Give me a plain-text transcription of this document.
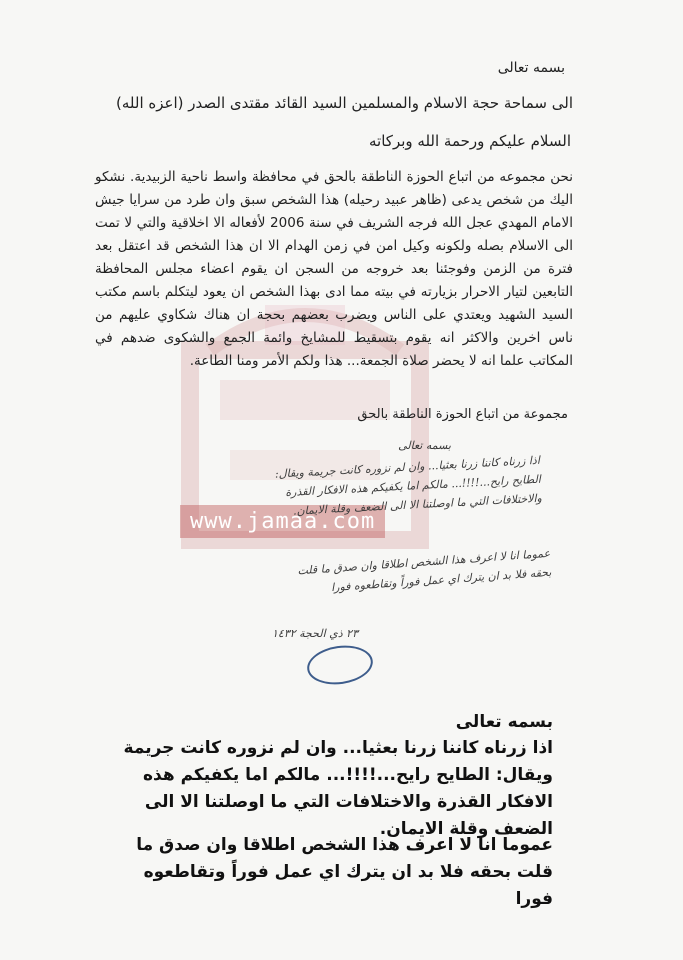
www.jamaa.com
بسمه تعالى
الى سماحة حجة الاسلام والمسلمين السيد القائد مقتدى الصدر (اعزه الله)
السلام عليكم ورحمة الله وبركاته
نحن مجموعه من اتباع الحوزة الناطقة بالحق في محافظة واسط ناحية الزبيدية. نشكو اليك من شخص يدعى (ظاهر عبيد رحيله) هذا الشخص سبق وان طرد من سرايا جيش الامام المهدي عجل الله فرجه الشريف في سنة 2006 لأفعاله الا اخلاقية والتي لا تمت الى الاسلام بصله ولكونه وكيل امن في زمن الهدام الا ان هذا الشخص قد اعتقل بعد فترة من الزمن وفوجئنا بعد خروجه من السجن ان يقوم اعضاء مجلس المحافظة التابعين لتيار الاحرار بزيارته في بيته مما ادى بهذا الشخص ان يعود ليتكلم باسم مكتب السيد الشهيد ويعتدي على الناس ويضرب بعضهم بحجة ان هناك شكاوي عليهم من ناس اخرين والاكثر انه يقوم بتسقيط للمشايخ وائمة الجمع والشكوى ضدهم في المكاتب علما انه لا يحضر صلاة الجمعة... هذا ولكم الأمر ومنا الطاعة.
مجموعة من اتباع الحوزة الناطقة بالحق
بسمه تعالى
اذا زرناه كاننا زرنا بعثيا... وان لم نزوره كانت جريمة ويقال: الطايح رايح...!!!!... مالكم اما يكفيكم هذه الافكار القذرة والاختلافات التي ما اوصلتنا الا الى الضعف وقلة الايمان.
عموما انا لا اعرف هذا الشخص اطلاقا وان صدق ما قلت بحقه فلا بد ان يترك اي عمل فوراً وتقاطعوه فورا
٢٣ ذي الحجة ١٤٣٢
بسمه تعالى
اذا زرناه كاننا زرنا بعثيا... وان لم نزوره كانت جريمة ويقال: الطايح رايح...!!!!... مالكم اما يكفيكم هذه الافكار القذرة والاختلافات التي ما اوصلتنا الا الى الضعف وقلة الايمان.
عموما انا لا اعرف هذا الشخص اطلاقا وان صدق ما قلت بحقه فلا بد ان يترك اي عمل فوراً وتقاطعوه فورا
